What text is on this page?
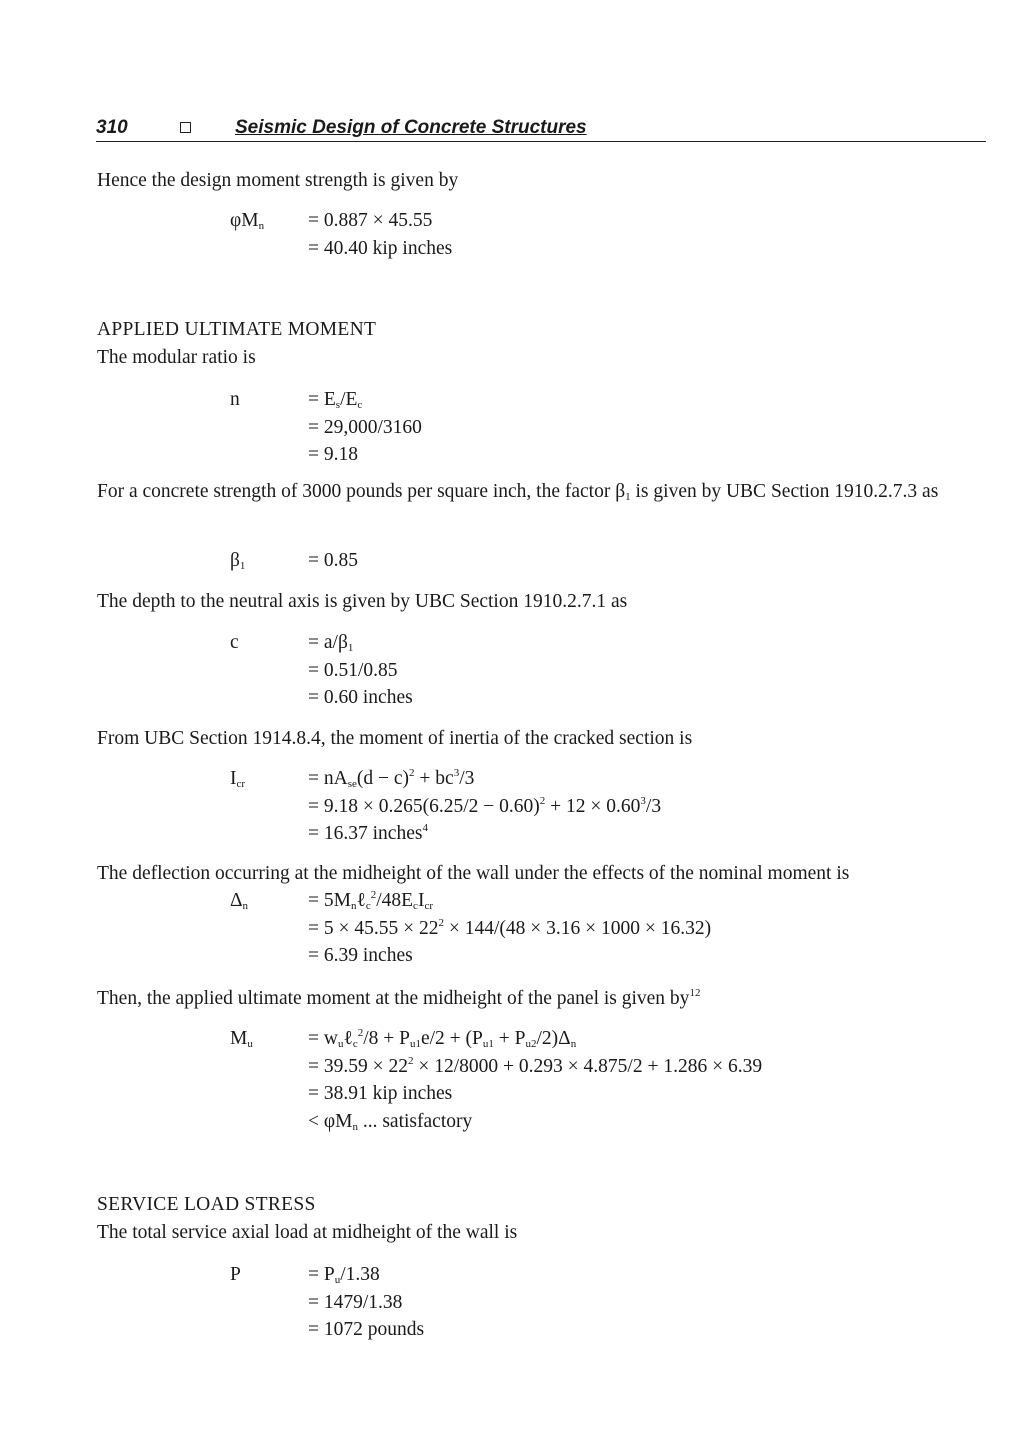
310	Seismic Design of Concrete Structures
Hence the design moment strength is given by
$\varphi M_n = 0.887 \times 45.55$
= 40.40 kip inches
APPLIED ULTIMATE MOMENT
The modular ratio is
n	= $E_s/E_c$
= 29,000/3160
= 9.18
For a concrete strength of 3000 pounds per square inch, the factor $\beta_1$ is given by UBC Section 1910.2.7.3 as
$\beta_1$	= 0.85
The depth to the neutral axis is given by UBC Section 1910.2.7.1 as
c	= $a/\beta_1$
= 0.51/0.85
= 0.60 inches
From UBC Section 1914.8.4, the moment of inertia of the cracked section is
$I_{cr}$	= $nA_{se}(d - c)^2 + bc^3/3$
= $9.18 \times 0.265(6.25/2 - 0.60)^2 + 12 \times 0.60^3/3$
= 16.37 inches$^4$
The deflection occurring at the midheight of the wall under the effects of the nominal moment is
$\Delta_n$	= $5M_n\ell_c^2/48E_cI_{cr}$
= $5 \times 45.55 \times 22^2 \times 144/(48 \times 3.16 \times 1000 \times 16.32)$
= 6.39 inches
Then, the applied ultimate moment at the midheight of the panel is given $by^{12}$
$M_u$	= $w_u\ell_c^2/8 + P_{u1}e/2 + (P_{u1} + P_{u2}/2)\Delta_n$
= $39.59 \times 22^2 \times 12/8000 + 0.293 \times 4.875/2 + 1.286 \times 6.39$
= 38.91 kip inches
< $\varphi M_n$ ... satisfactory
SERVICE LOAD STRESS
The total service axial load at midheight of the wall is
P	= $P_u/1.38$
= 1479/1.38
= 1072 pounds
